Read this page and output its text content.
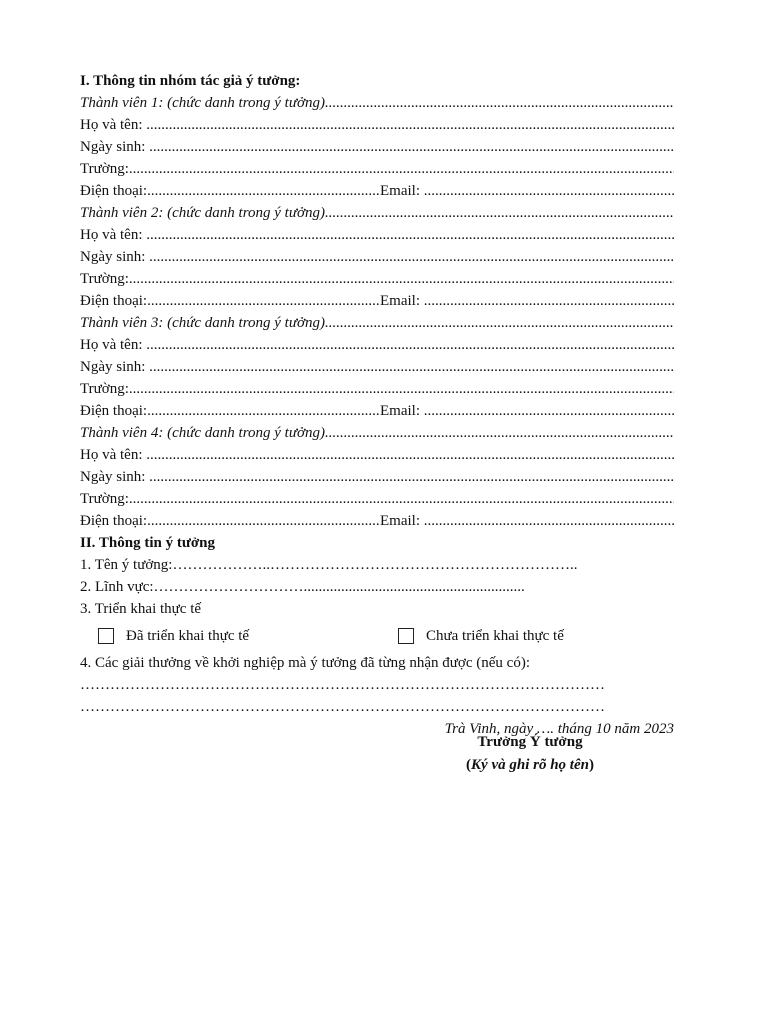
I. Thông tin nhóm tác giả ý tưởng:
Thành viên 1: (chức danh trong ý tưởng) .....
Họ và tên: .....
Ngày sinh: .....
Trường: .....
Điện thoại: .....	Email: .....
Thành viên 2: (chức danh trong ý tưởng) .....
Họ và tên: .....
Ngày sinh: .....
Trường: .....
Điện thoại: .....	Email: .....
Thành viên 3: (chức danh trong ý tưởng) .....
Họ và tên: .....
Ngày sinh: .....
Trường: .....
Điện thoại: .....	Email: .....
Thành viên 4: (chức danh trong ý tưởng) .....
Họ và tên: .....
Ngày sinh: .....
Trường: .....
Điện thoại: .....	Email: .....
II. Thông tin ý tưởng
1. Tên ý tưởng:………………..……………………………………………………..
2. Lĩnh vực:…………………………...........................................................
3. Triển khai thực tế
Đã triển khai thực tế	Chưa triển khai thực tế
4. Các giải thưởng về khởi nghiệp mà ý tưởng đã từng nhận được (nếu có):
……………………………………………………………………………………………
……………………………………………………………………………………………
Trà Vinh, ngày …. tháng 10 năm 2023
Trưởng Ý tưởng
(Ký và ghi rõ họ tên)
